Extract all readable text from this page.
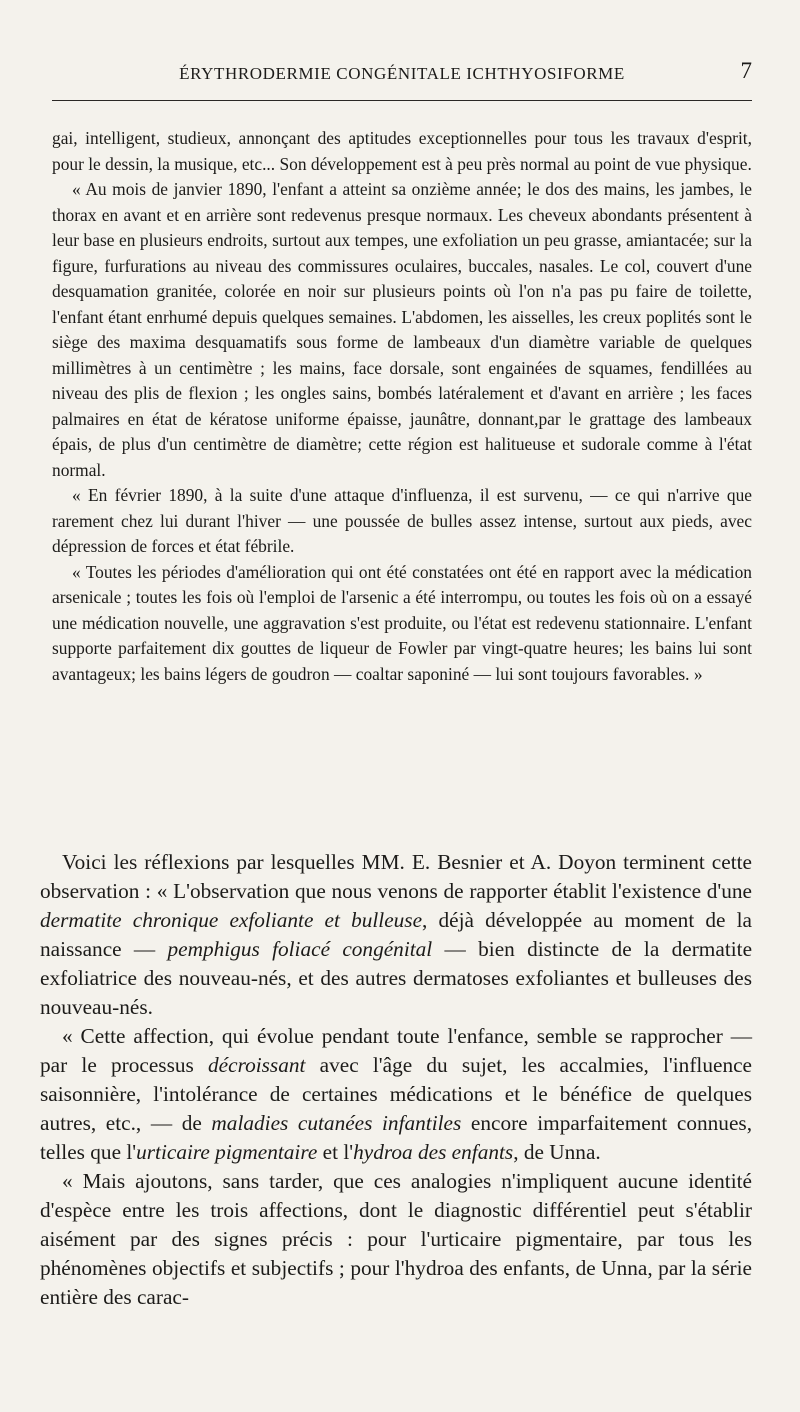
ÉRYTHRODERMIE CONGÉNITALE ICHTHYOSIFORME	7

gai, intelligent, studieux, annonçant des aptitudes exceptionnelles pour tous les travaux d'esprit, pour le dessin, la musique, etc... Son développement est à peu près normal au point de vue physique.

« Au mois de janvier 1890, l'enfant a atteint sa onzième année; le dos des mains, les jambes, le thorax en avant et en arrière sont redevenus presque normaux. Les cheveux abondants présentent à leur base en plusieurs endroits, surtout aux tempes, une exfoliation un peu grasse, amiantacée; sur la figure, furfurations au niveau des commissures oculaires, buccales, nasales. Le col, couvert d'une desquamation granitée, colorée en noir sur plusieurs points où l'on n'a pas pu faire de toilette, l'enfant étant enrhumé depuis quelques semaines. L'abdomen, les aisselles, les creux poplités sont le siège des maxima desquamatifs sous forme de lambeaux d'un diamètre variable de quelques millimètres à un centimètre ; les mains, face dorsale, sont engainées de squames, fendillées au niveau des plis de flexion ; les ongles sains, bombés latéralement et d'avant en arrière ; les faces palmaires en état de kératose uniforme épaisse, jaunâtre, donnant,par le grattage des lambeaux épais, de plus d'un centimètre de diamètre; cette région est halitueuse et sudorale comme à l'état normal.

« En février 1890, à la suite d'une attaque d'influenza, il est survenu, — ce qui n'arrive que rarement chez lui durant l'hiver — une poussée de bulles assez intense, surtout aux pieds, avec dépression de forces et état fébrile.

« Toutes les périodes d'amélioration qui ont été constatées ont été en rapport avec la médication arsenicale ; toutes les fois où l'emploi de l'arsenic a été interrompu, ou toutes les fois où on a essayé une médication nouvelle, une aggravation s'est produite, ou l'état est redevenu stationnaire. L'enfant supporte parfaitement dix gouttes de liqueur de Fowler par vingt-quatre heures; les bains lui sont avantageux; les bains légers de goudron — coaltar saponiné — lui sont toujours favorables. »

Voici les réflexions par lesquelles MM. E. Besnier et A. Doyon terminent cette observation : « L'observation que nous venons de rapporter établit l'existence d'une dermatite chronique exfoliante et bulleuse, déjà développée au moment de la naissance — pemphigus foliacé congénital — bien distincte de la dermatite exfoliatrice des nouveau-nés, et des autres dermatoses exfoliantes et bulleuses des nouveau-nés.

« Cette affection, qui évolue pendant toute l'enfance, semble se rapprocher — par le processus décroissant avec l'âge du sujet, les accalmies, l'influence saisonnière, l'intolérance de certaines médications et le bénéfice de quelques autres, etc., — de maladies cutanées infantiles encore imparfaitement connues, telles que l'urticaire pigmentaire et l'hydroa des enfants, de Unna.

« Mais ajoutons, sans tarder, que ces analogies n'impliquent aucune identité d'espèce entre les trois affections, dont le diagnostic différentiel peut s'établir aisément par des signes précis : pour l'urticaire pigmentaire, par tous les phénomènes objectifs et subjectifs ; pour l'hydroa des enfants, de Unna, par la série entière des carac-
